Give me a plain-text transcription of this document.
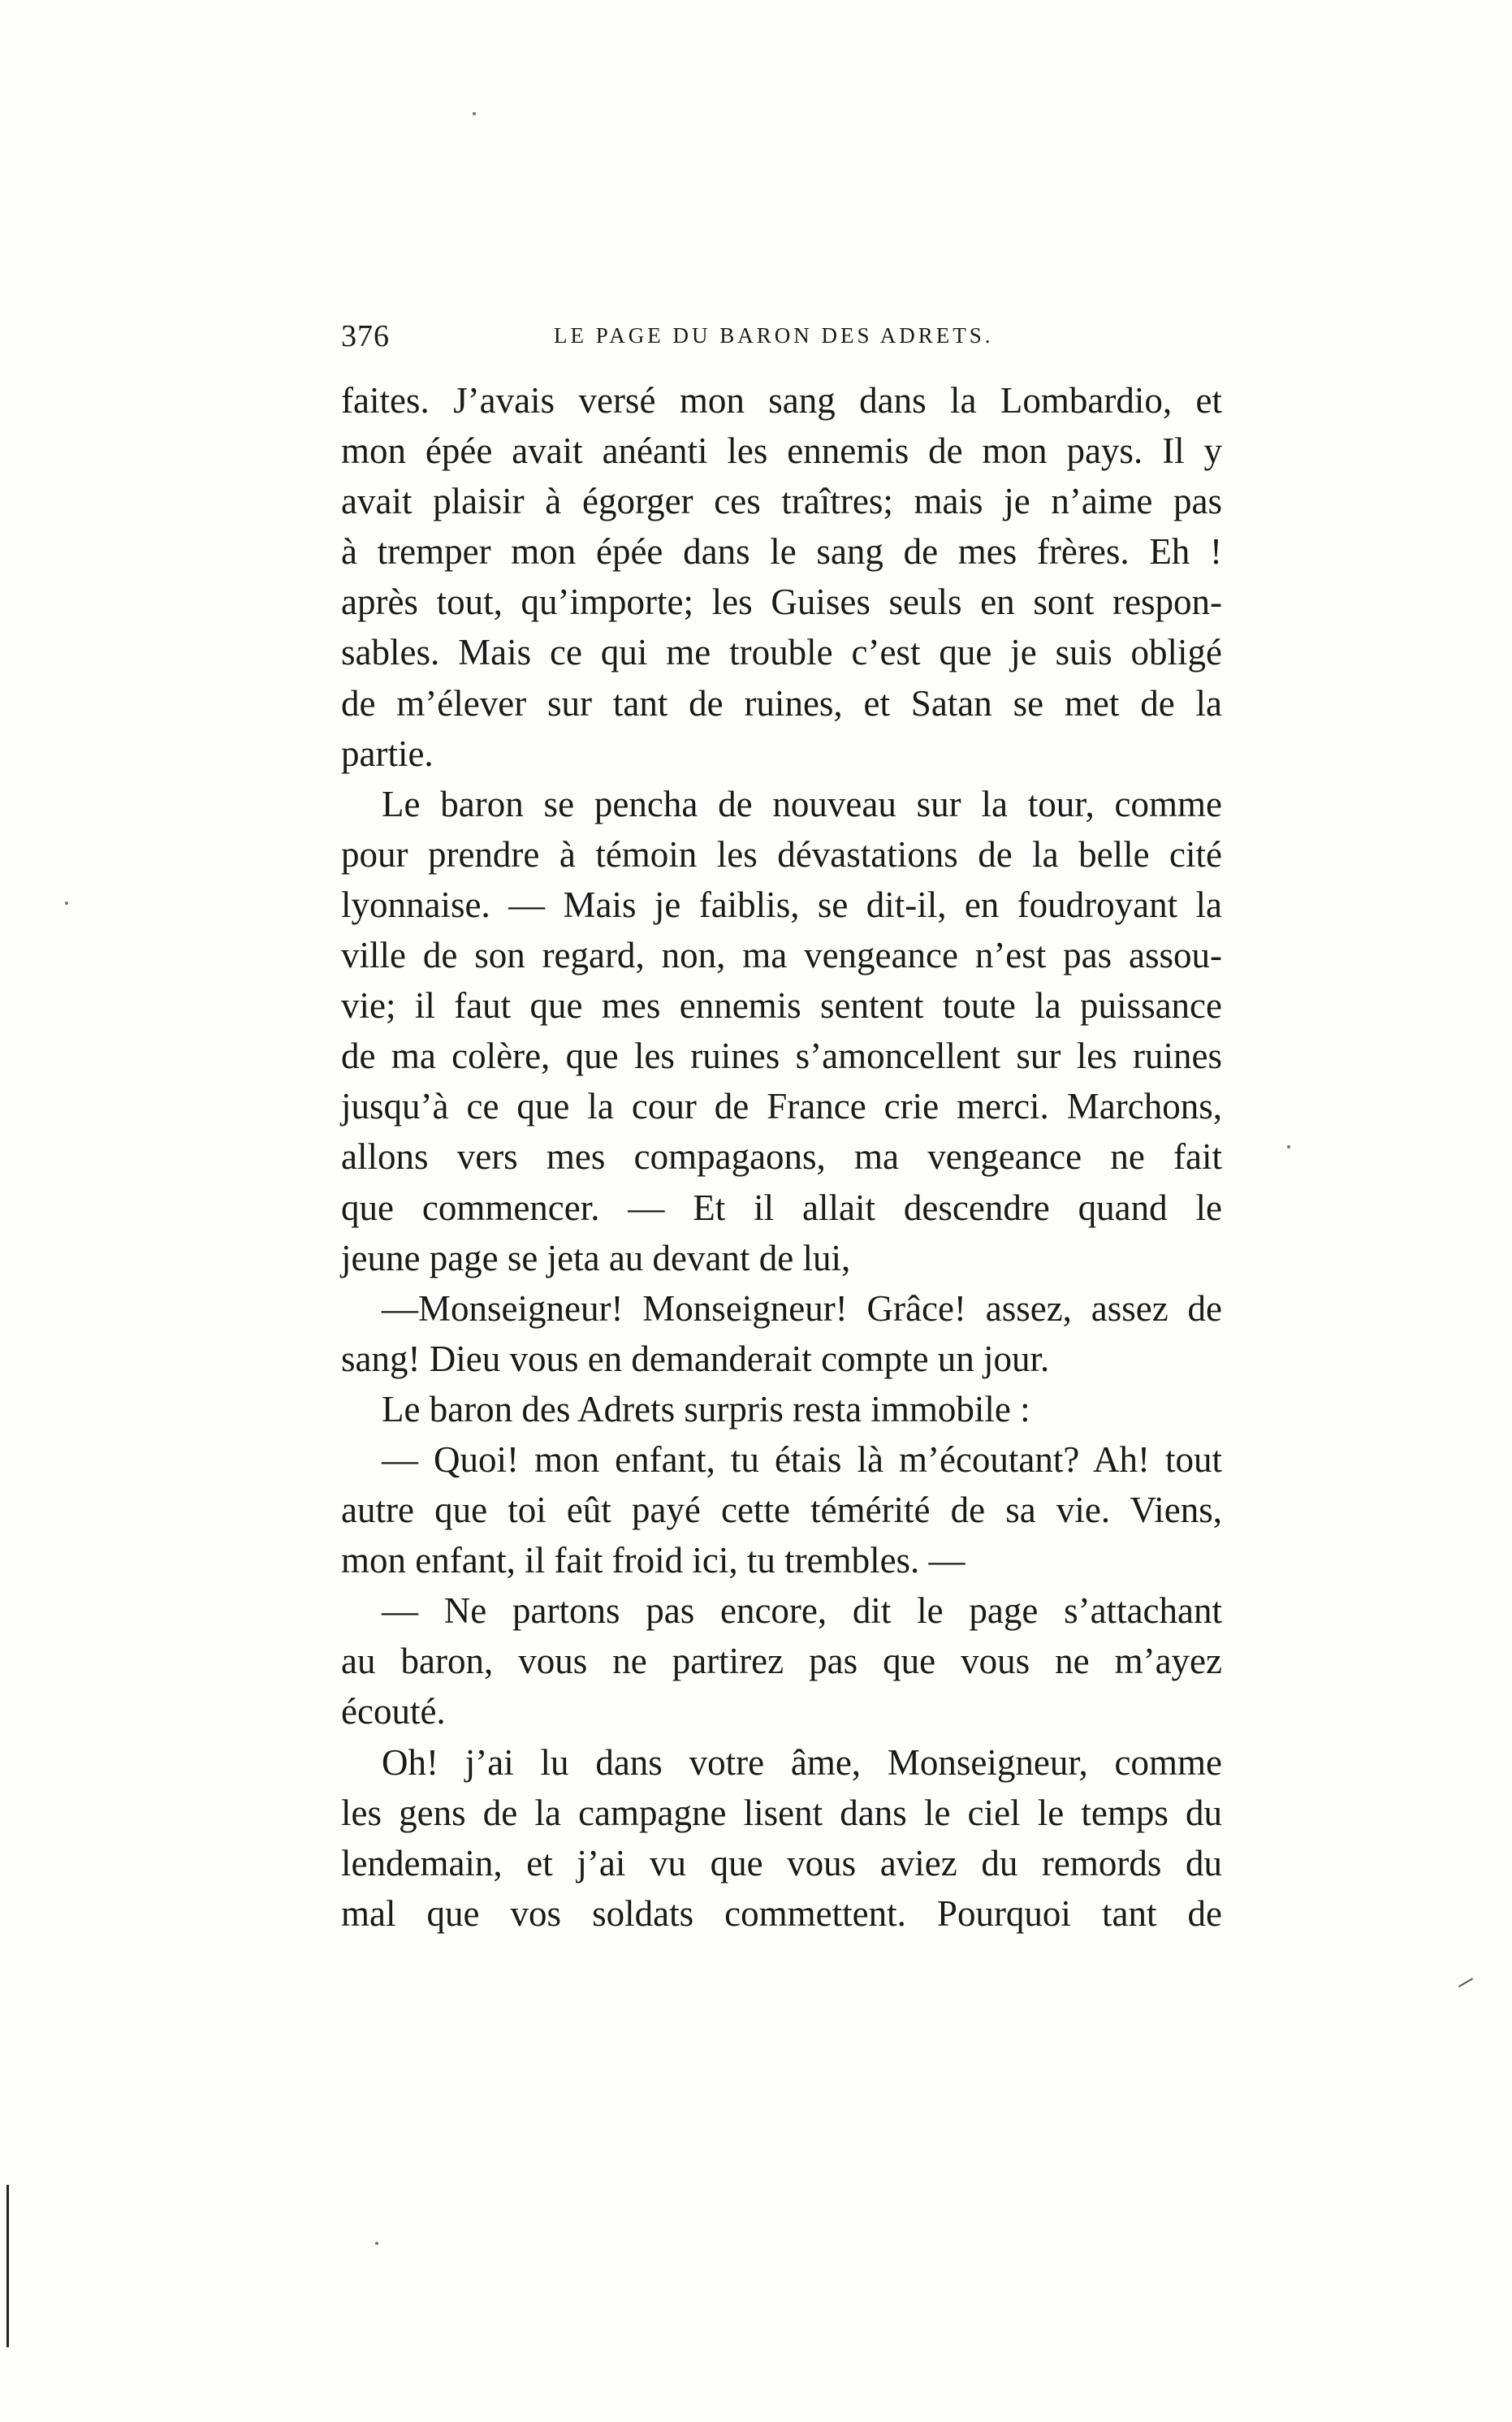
376	LE PAGE DU BARON DES ADRETS.
faites. J’avais versé mon sang dans la Lombardio, et
mon épée avait anéanti les ennemis de mon pays. Il y
avait plaisir à égorger ces traîtres; mais je n’aime pas
à tremper mon épée dans le sang de mes frères. Eh !
après tout, qu’importe; les Guises seuls en sont respon-
sables. Mais ce qui me trouble c’est que je suis obligé
de m’élever sur tant de ruines, et Satan se met de la
partie.
Le baron se pencha de nouveau sur la tour, comme
pour prendre à témoin les dévastations de la belle cité
lyonnaise. — Mais je faiblis, se dit-il, en foudroyant la
ville de son regard, non, ma vengeance n’est pas assou-
vie; il faut que mes ennemis sentent toute la puissance
de ma colère, que les ruines s’amoncellent sur les ruines
jusqu’à ce que la cour de France crie merci. Marchons,
allons vers mes compagaons, ma vengeance ne fait
que commencer. — Et il allait descendre quand le
jeune page se jeta au devant de lui,
—Monseigneur! Monseigneur! Grâce! assez, assez de
sang! Dieu vous en demanderait compte un jour.
Le baron des Adrets surpris resta immobile :
— Quoi! mon enfant, tu étais là m’écoutant? Ah! tout
autre que toi eût payé cette témérité de sa vie. Viens,
mon enfant, il fait froid ici, tu trembles. —
— Ne partons pas encore, dit le page s’attachant
au baron, vous ne partirez pas que vous ne m’ayez
écouté.
Oh! j’ai lu dans votre âme, Monseigneur, comme
les gens de la campagne lisent dans le ciel le temps du
lendemain, et j’ai vu que vous aviez du remords du
mal que vos soldats commettent. Pourquoi tant de
